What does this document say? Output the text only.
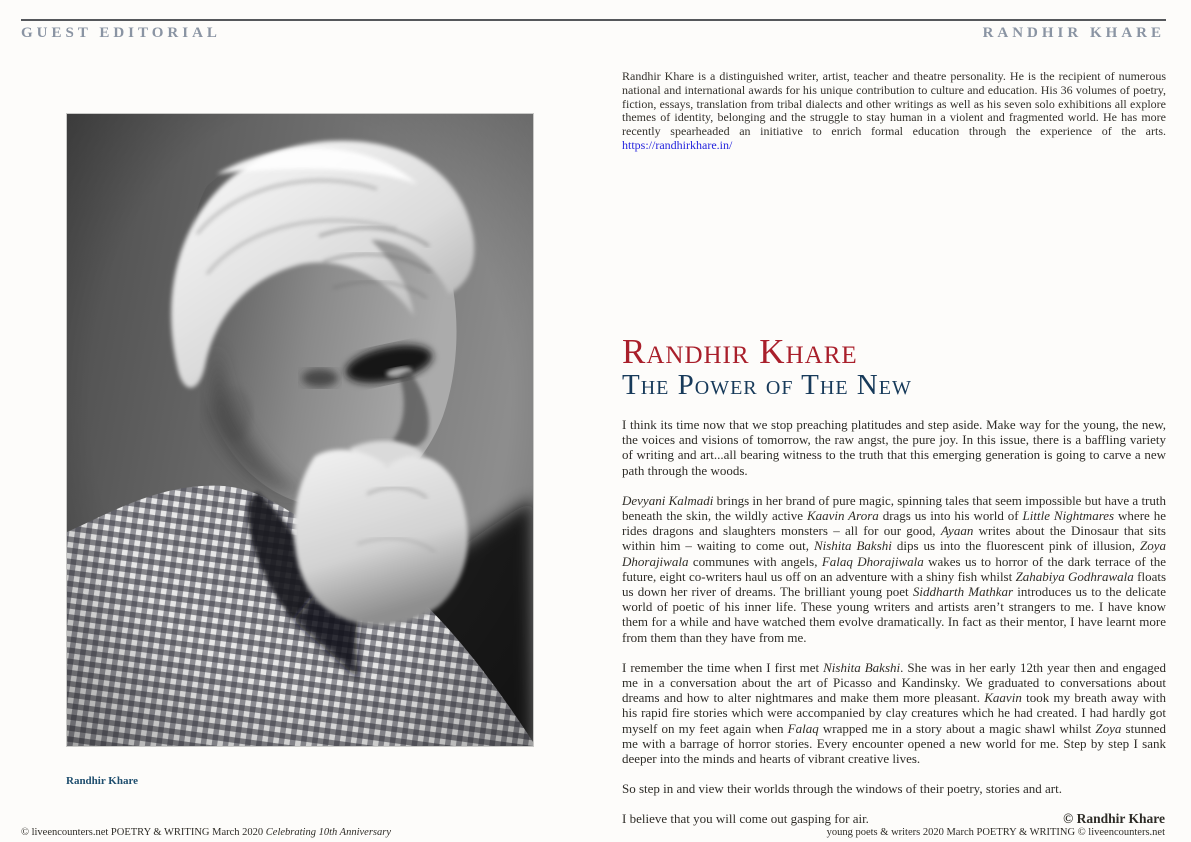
GUEST EDITORIAL	RANDHIR KHARE
Randhir Khare
Randhir Khare is a distinguished writer, artist, teacher and theatre personality. He is the recipient of numerous national and international awards for his unique contribution to culture and education. His 36 volumes of poetry, fiction, essays, translation from tribal dialects and other writings as well as his seven solo exhibitions all explore themes of identity, belonging and the struggle to stay human in a violent and fragmented world. He has more recently spearheaded an initiative to enrich formal education through the experience of the arts. https://randhirkhare.in/
Randhir Khare
The Power of The New

I think its time now that we stop preaching platitudes and step aside. Make way for the young, the new, the voices and visions of tomorrow, the raw angst, the pure joy. In this issue, there is a baffling variety of writing and art...all bearing witness to the truth that this emerging generation is going to carve a new path through the woods.

Devyani Kalmadi brings in her brand of pure magic, spinning tales that seem impossible but have a truth beneath the skin, the wildly active Kaavin Arora drags us into his world of Little Nightmares where he rides dragons and slaughters monsters – all for our good, Ayaan writes about the Dinosaur that sits within him – waiting to come out, Nishita Bakshi dips us into the fluorescent pink of illusion, Zoya Dhorajiwala communes with angels, Falaq Dhorajiwala wakes us to horror of the dark terrace of the future, eight co-writers haul us off on an adventure with a shiny fish whilst Zahabiya Godhrawala floats us down her river of dreams. The brilliant young poet Siddharth Mathkar introduces us to the delicate world of poetic of his inner life. These young writers and artists aren’t strangers to me. I have know them for a while and have watched them evolve dramatically. In fact as their mentor, I have learnt more from them than they have from me.

I remember the time when I first met Nishita Bakshi. She was in her early 12th year then and engaged me in a conversation about the art of Picasso and Kandinsky. We graduated to conversations about dreams and how to alter nightmares and make them more pleasant. Kaavin took my breath away with his rapid fire stories which were accompanied by clay creatures which he had created. I had hardly got myself on my feet again when Falaq wrapped me in a story about a magic shawl whilst Zoya stunned me with a barrage of horror stories. Every encounter opened a new world for me. Step by step I sank deeper into the minds and hearts of vibrant creative lives.

So step in and view their worlds through the windows of their poetry, stories and art.

I believe that you will come out gasping for air.

© liveencounters.net POETRY & WRITING March 2020 Celebrating 10th Anniversary
© Randhir Khare
young poets & writers 2020 March POETRY & WRITING © liveencounters.net
